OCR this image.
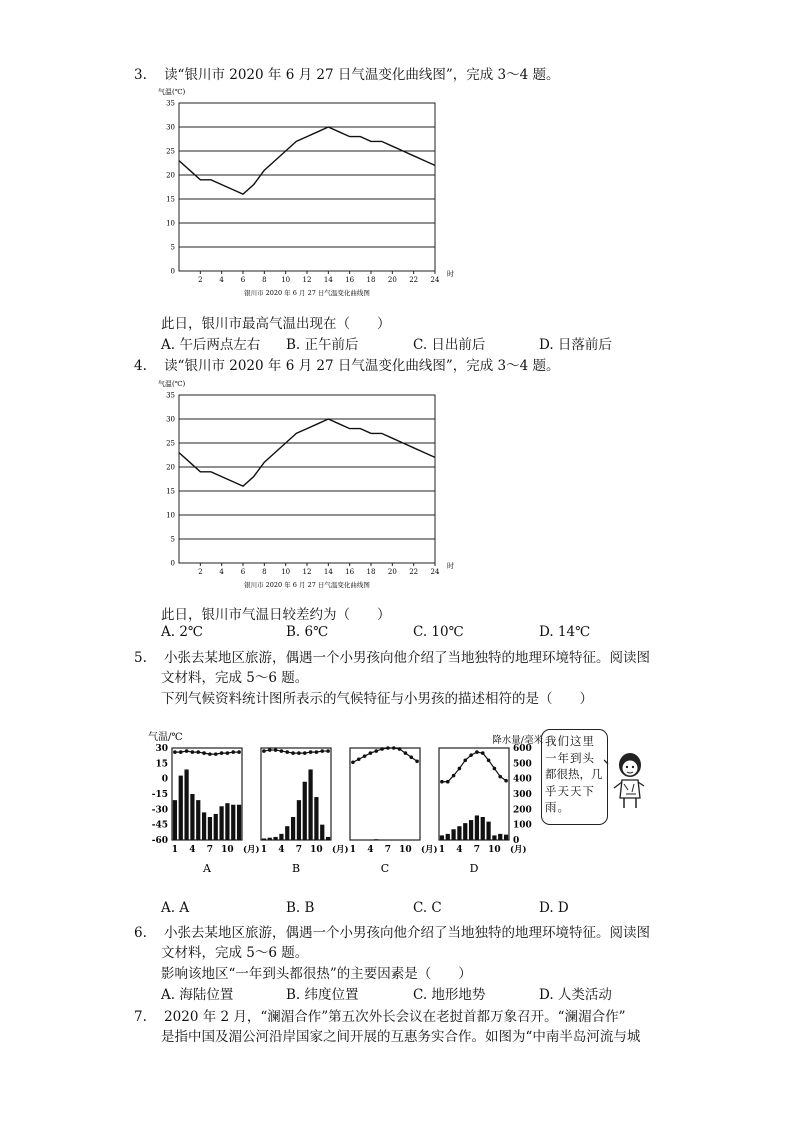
3. 读“银川市 2020 年 6 月 27 日气温变化曲线图”，完成 3～4 题。
气温(℃)
0
5
10
15
20
25
30
35
2 4 6 8 10 12 14 16 18 20 22 24
时
银川市 2020 年 6 月 27 日气温变化曲线图
此日，银川市最高气温出现在（　　）
A. 午后两点左右 B. 正午前后	C. 日出前后	D. 日落前后
4. 读“银川市 2020 年 6 月 27 日气温变化曲线图”，完成 3～4 题。
气温(℃)
0
5
10
15
20
25
30
35
2 4 6 8 10 12 14 16 18 20 22 24
时
银川市 2020 年 6 月 27 日气温变化曲线图
此日，银川市气温日较差约为（　　）
A. 2℃	B. 6℃	C. 10℃	D. 14℃
5. 小张去某地区旅游，偶遇一个小男孩向他介绍了当地独特的地理环境特征。阅读图
文材料，完成 5～6 题。
下列气候资料统计图所表示的气候特征与小男孩的描述相符的是（　　）
气温/℃	降水量/毫米
30
15
0
-15
-30
-45
-60
600
500
400
300
200
100
0
1 4 7 10 (月)
A
1 4 7 10 (月)
B
1 4 7 10 (月)
C
1 4 7 10 (月)
D
我们这里
一年到头
都很热，几
乎天天下
雨。
A. A	B. B	C. C	D. D
6. 小张去某地区旅游，偶遇一个小男孩向他介绍了当地独特的地理环境特征。阅读图
文材料，完成 5～6 题。
影响该地区“一年到头都很热”的主要因素是（　　）
A. 海陆位置	B. 纬度位置	C. 地形地势	D. 人类活动
7. 2020 年 2 月，“澜湄合作”第五次外长会议在老挝首都万象召开。“澜湄合作”
是指中国及湄公河沿岸国家之间开展的互惠务实合作。如图为“中南半岛河流与城
